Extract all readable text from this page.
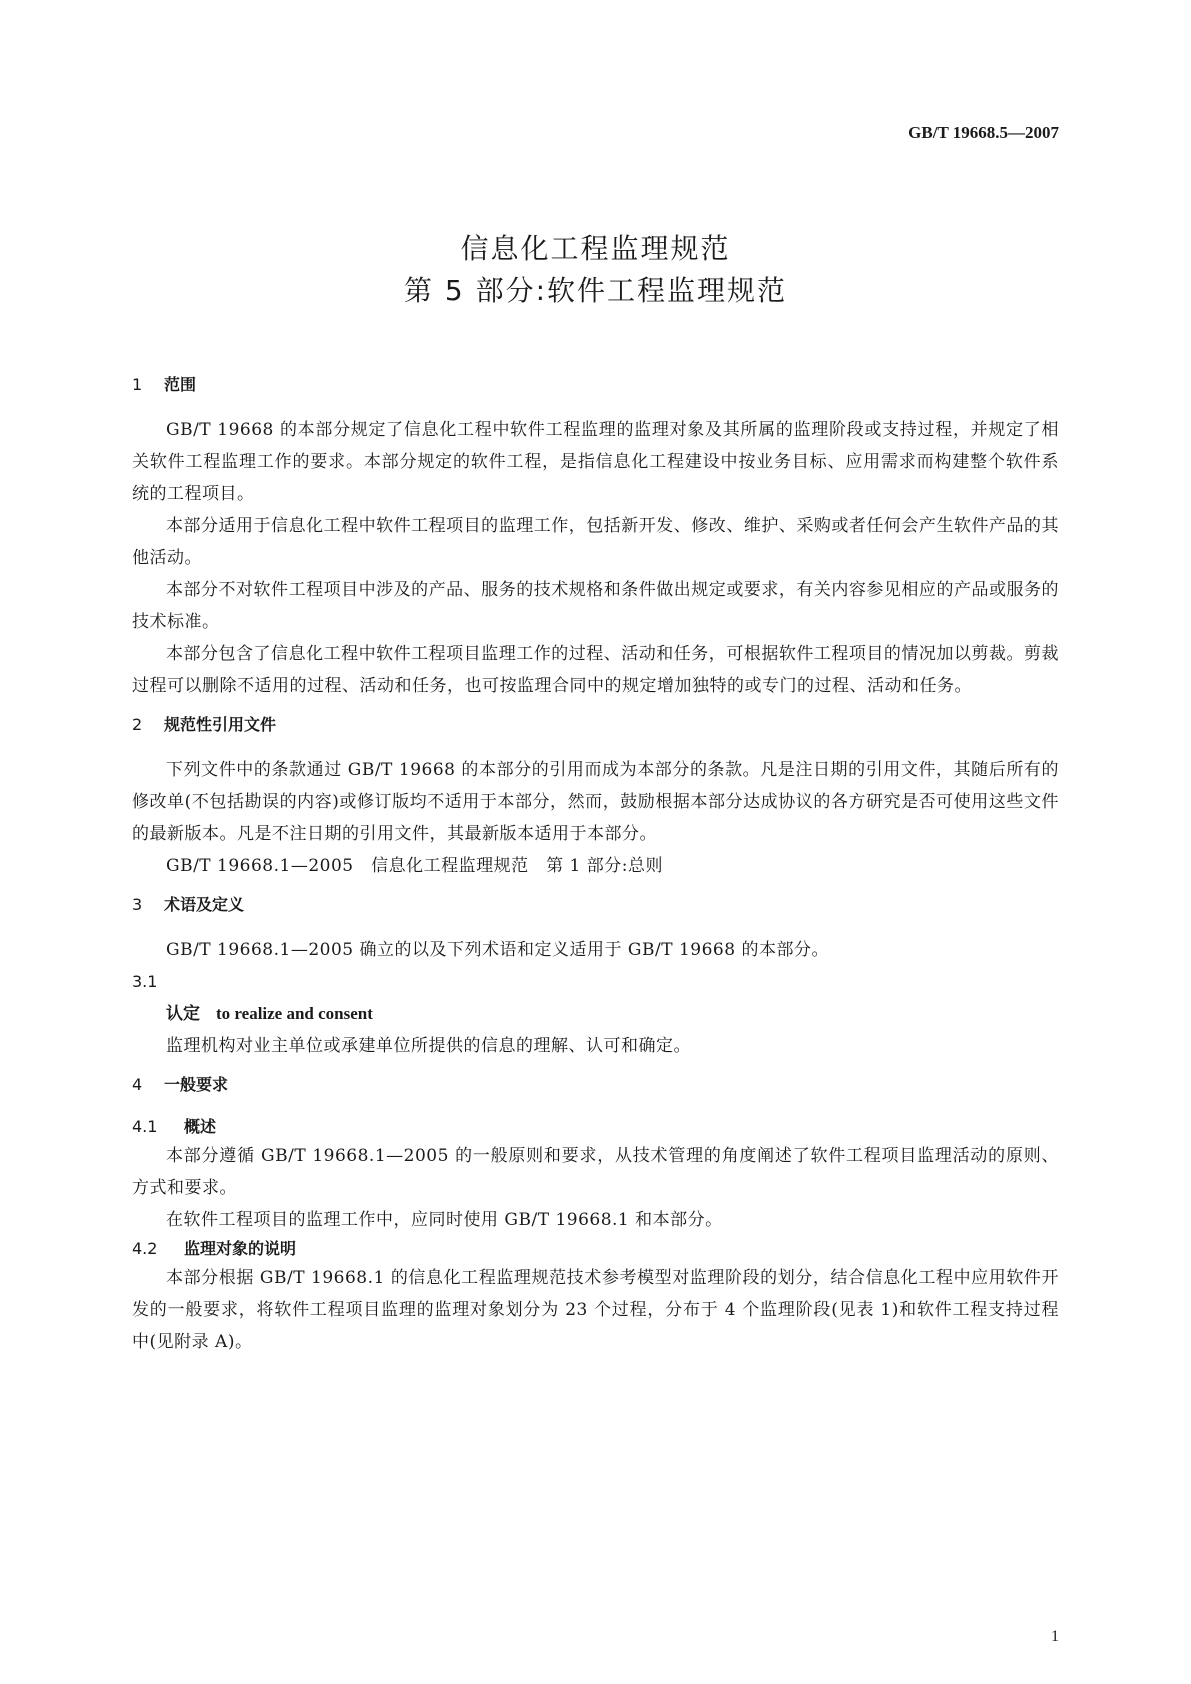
GB/T 19668.5—2007
信息化工程监理规范
第 5 部分:软件工程监理规范
1 范围
GB/T 19668 的本部分规定了信息化工程中软件工程监理的监理对象及其所属的监理阶段或支持过程，并规定了相关软件工程监理工作的要求。本部分规定的软件工程，是指信息化工程建设中按业务目标、应用需求而构建整个软件系统的工程项目。
本部分适用于信息化工程中软件工程项目的监理工作，包括新开发、修改、维护、采购或者任何会产生软件产品的其他活动。
本部分不对软件工程项目中涉及的产品、服务的技术规格和条件做出规定或要求，有关内容参见相应的产品或服务的技术标准。
本部分包含了信息化工程中软件工程项目监理工作的过程、活动和任务，可根据软件工程项目的情况加以剪裁。剪裁过程可以删除不适用的过程、活动和任务，也可按监理合同中的规定增加独特的或专门的过程、活动和任务。
2 规范性引用文件
下列文件中的条款通过 GB/T 19668 的本部分的引用而成为本部分的条款。凡是注日期的引用文件，其随后所有的修改单(不包括勘误的内容)或修订版均不适用于本部分，然而，鼓励根据本部分达成协议的各方研究是否可使用这些文件的最新版本。凡是不注日期的引用文件，其最新版本适用于本部分。
GB/T 19668.1—2005　信息化工程监理规范　第 1 部分:总则
3 术语及定义
GB/T 19668.1—2005 确立的以及下列术语和定义适用于 GB/T 19668 的本部分。
3.1
认定 to realize and consent
监理机构对业主单位或承建单位所提供的信息的理解、认可和确定。
4 一般要求
4.1 概述
本部分遵循 GB/T 19668.1—2005 的一般原则和要求，从技术管理的角度阐述了软件工程项目监理活动的原则、方式和要求。
在软件工程项目的监理工作中，应同时使用 GB/T 19668.1 和本部分。
4.2 监理对象的说明
本部分根据 GB/T 19668.1 的信息化工程监理规范技术参考模型对监理阶段的划分，结合信息化工程中应用软件开发的一般要求，将软件工程项目监理的监理对象划分为 23 个过程，分布于 4 个监理阶段(见表 1)和软件工程支持过程中(见附录 A)。
1
